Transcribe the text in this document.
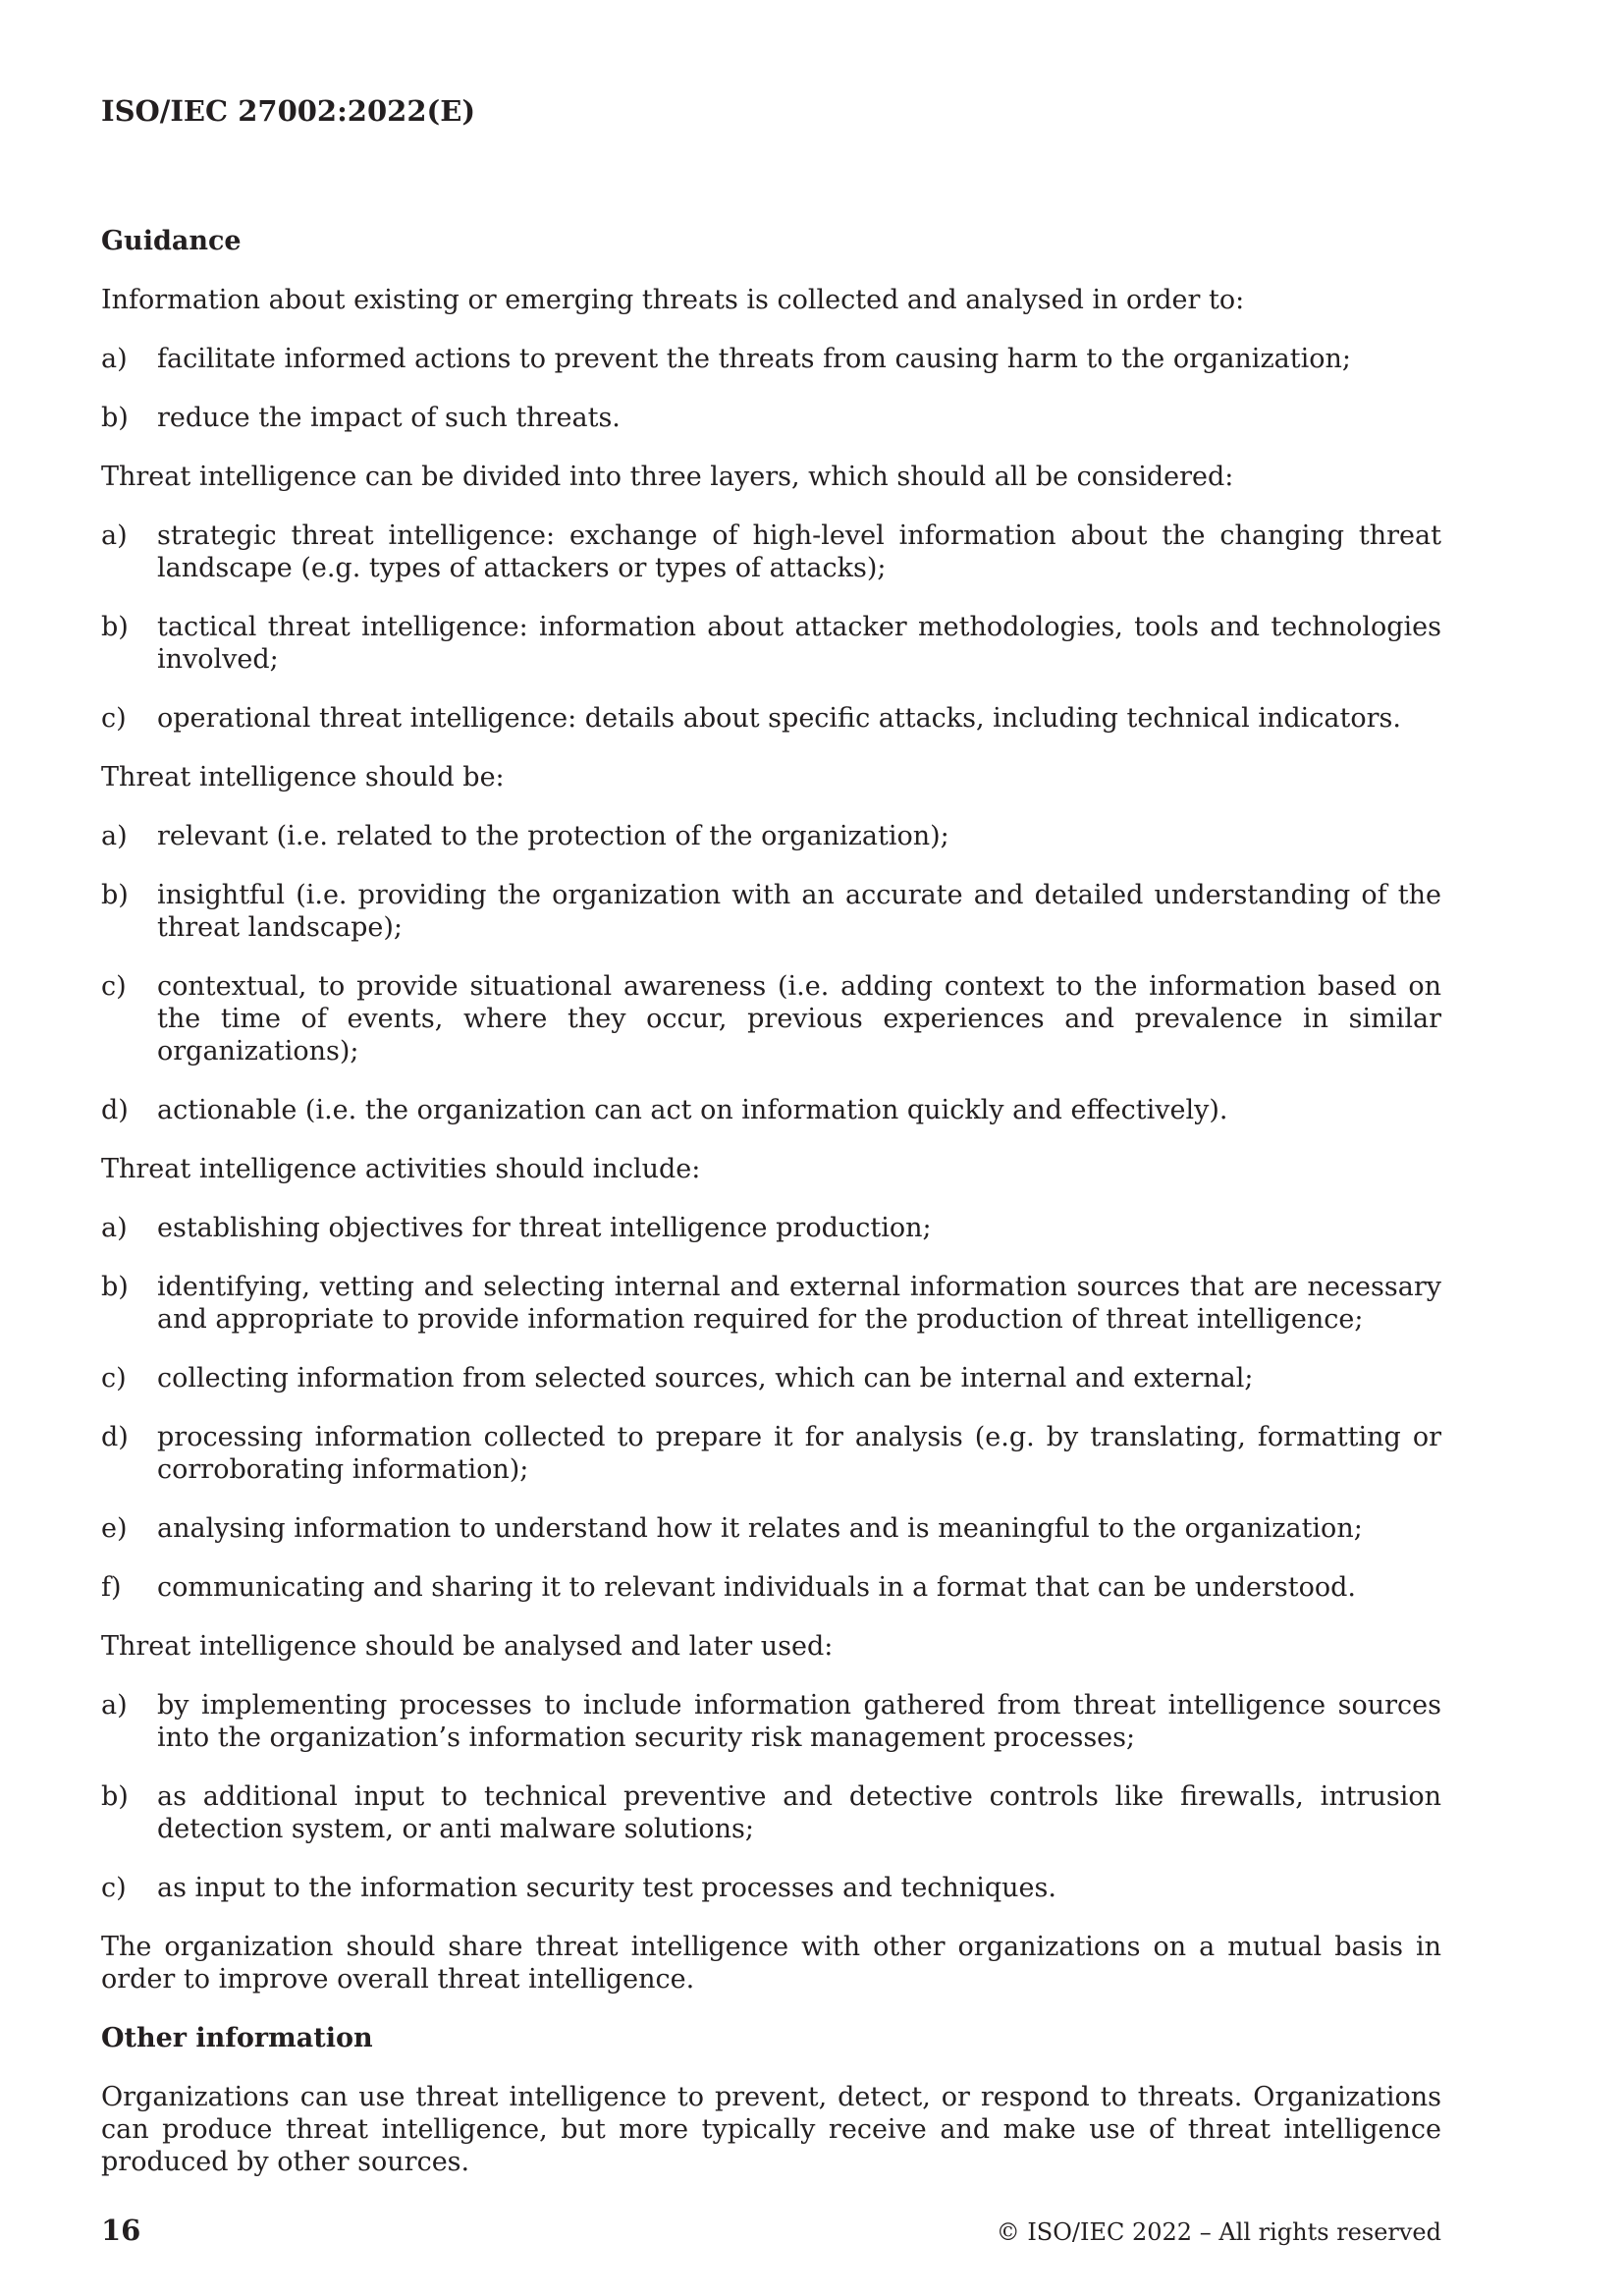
ISO/IEC 27002:2022(E)
Guidance
Information about existing or emerging threats is collected and analysed in order to:
a) facilitate informed actions to prevent the threats from causing harm to the organization;
b) reduce the impact of such threats.
Threat intelligence can be divided into three layers, which should all be considered:
a) strategic threat intelligence: exchange of high-level information about the changing threat landscape (e.g. types of attackers or types of attacks);
b) tactical threat intelligence: information about attacker methodologies, tools and technologies involved;
c) operational threat intelligence: details about specific attacks, including technical indicators.
Threat intelligence should be:
a) relevant (i.e. related to the protection of the organization);
b) insightful (i.e. providing the organization with an accurate and detailed understanding of the threat landscape);
c) contextual, to provide situational awareness (i.e. adding context to the information based on the time of events, where they occur, previous experiences and prevalence in similar organizations);
d) actionable (i.e. the organization can act on information quickly and effectively).
Threat intelligence activities should include:
a) establishing objectives for threat intelligence production;
b) identifying, vetting and selecting internal and external information sources that are necessary and appropriate to provide information required for the production of threat intelligence;
c) collecting information from selected sources, which can be internal and external;
d) processing information collected to prepare it for analysis (e.g. by translating, formatting or corroborating information);
e) analysing information to understand how it relates and is meaningful to the organization;
f) communicating and sharing it to relevant individuals in a format that can be understood.
Threat intelligence should be analysed and later used:
a) by implementing processes to include information gathered from threat intelligence sources into the organization’s information security risk management processes;
b) as additional input to technical preventive and detective controls like firewalls, intrusion detection system, or anti malware solutions;
c) as input to the information security test processes and techniques.
The organization should share threat intelligence with other organizations on a mutual basis in order to improve overall threat intelligence.
Other information
Organizations can use threat intelligence to prevent, detect, or respond to threats. Organizations can produce threat intelligence, but more typically receive and make use of threat intelligence produced by other sources.
16	© ISO/IEC 2022 – All rights reserved
